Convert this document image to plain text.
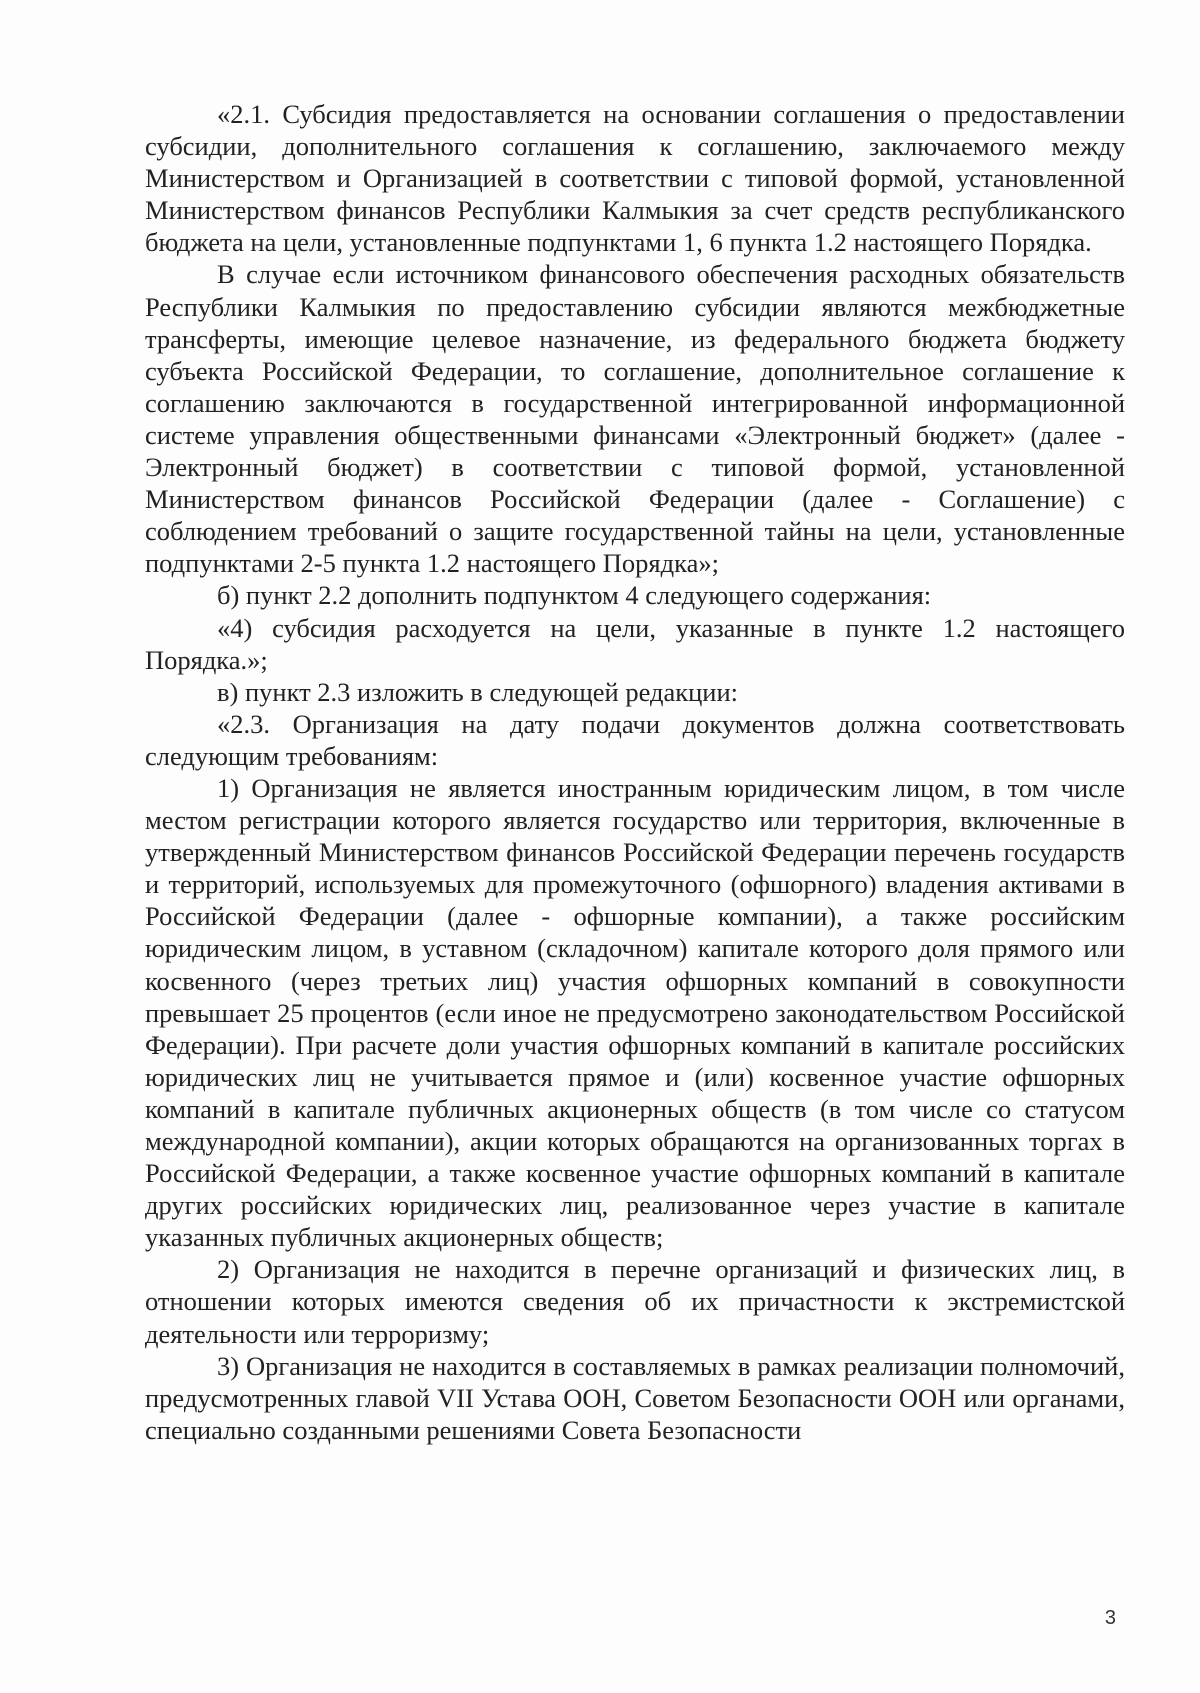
«2.1. Субсидия предоставляется на основании соглашения о предоставлении субсидии, дополнительного соглашения к соглашению, заключаемого между Министерством и Организацией в соответствии с типовой формой, установленной Министерством финансов Республики Калмыкия за счет средств республиканского бюджета на цели, установленные подпунктами 1, 6 пункта 1.2 настоящего Порядка.

В случае если источником финансового обеспечения расходных обязательств Республики Калмыкия по предоставлению субсидии являются межбюджетные трансферты, имеющие целевое назначение, из федерального бюджета бюджету субъекта Российской Федерации, то соглашение, дополнительное соглашение к соглашению заключаются в государственной интегрированной информационной системе управления общественными финансами «Электронный бюджет» (далее - Электронный бюджет) в соответствии с типовой формой, установленной Министерством финансов Российской Федерации (далее - Соглашение) с соблюдением требований о защите государственной тайны на цели, установленные подпунктами 2-5 пункта 1.2 настоящего Порядка»;

б) пункт 2.2 дополнить подпунктом 4 следующего содержания:

«4) субсидия расходуется на цели, указанные в пункте 1.2 настоящего Порядка.»;

в) пункт 2.3 изложить в следующей редакции:

«2.3. Организация на дату подачи документов должна соответствовать следующим требованиям:

1) Организация не является иностранным юридическим лицом, в том числе местом регистрации которого является государство или территория, включенные в утвержденный Министерством финансов Российской Федерации перечень государств и территорий, используемых для промежуточного (офшорного) владения активами в Российской Федерации (далее - офшорные компании), а также российским юридическим лицом, в уставном (складочном) капитале которого доля прямого или косвенного (через третьих лиц) участия офшорных компаний в совокупности превышает 25 процентов (если иное не предусмотрено законодательством Российской Федерации). При расчете доли участия офшорных компаний в капитале российских юридических лиц не учитывается прямое и (или) косвенное участие офшорных компаний в капитале публичных акционерных обществ (в том числе со статусом международной компании), акции которых обращаются на организованных торгах в Российской Федерации, а также косвенное участие офшорных компаний в капитале других российских юридических лиц, реализованное через участие в капитале указанных публичных акционерных обществ;

2) Организация не находится в перечне организаций и физических лиц, в отношении которых имеются сведения об их причастности к экстремистской деятельности или терроризму;

3) Организация не находится в составляемых в рамках реализации полномочий, предусмотренных главой VII Устава ООН, Советом Безопасности ООН или органами, специально созданными решениями Совета Безопасности

3
